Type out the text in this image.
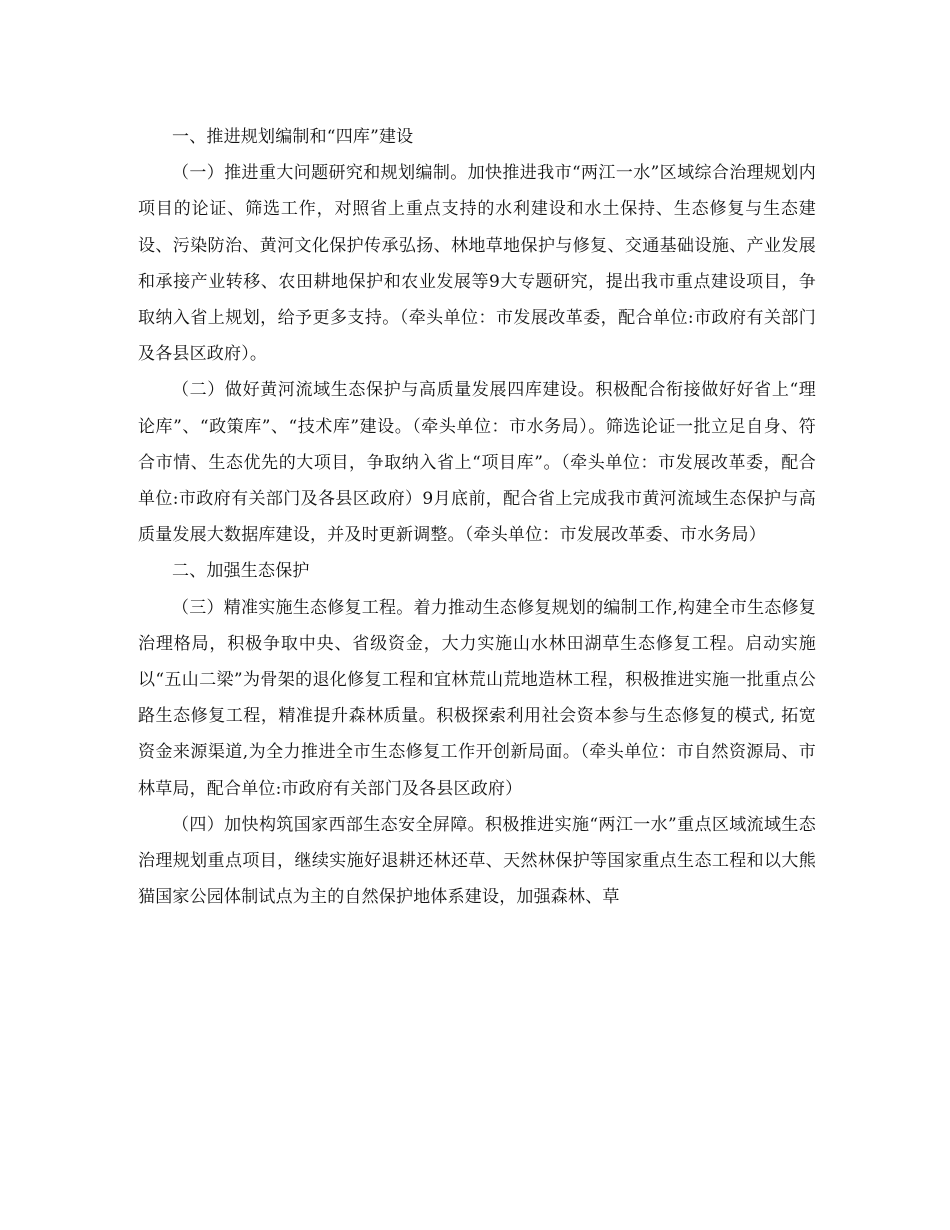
一、推进规划编制和“四库”建设

（一）推进重大问题研究和规划编制。加快推进我市“两江一水”区域综合治理规划内项目的论证、筛选工作，对照省上重点支持的水利建设和水土保持、生态修复与生态建设、污染防治、黄河文化保护传承弘扬、林地草地保护与修复、交通基础设施、产业发展和承接产业转移、农田耕地保护和农业发展等9大专题研究，提出我市重点建设项目，争取纳入省上规划，给予更多支持。（牵头单位：市发展改革委，配合单位:市政府有关部门及各县区政府）。

（二）做好黄河流域生态保护与高质量发展四库建设。积极配合衔接做好好省上“理论库”、“政策库”、“技术库”建设。（牵头单位：市水务局）。筛选论证一批立足自身、符合市情、生态优先的大项目，争取纳入省上“项目库”。（牵头单位：市发展改革委，配合单位:市政府有关部门及各县区政府）9月底前，配合省上完成我市黄河流域生态保护与高质量发展大数据库建设，并及时更新调整。（牵头单位：市发展改革委、市水务局）

二、加强生态保护

（三）精准实施生态修复工程。着力推动生态修复规划的编制工作,构建全市生态修复治理格局，积极争取中央、省级资金，大力实施山水林田湖草生态修复工程。启动实施以“五山二梁”为骨架的退化修复工程和宜林荒山荒地造林工程，积极推进实施一批重点公路生态修复工程，精准提升森林质量。积极探索利用社会资本参与生态修复的模式, 拓宽资金来源渠道,为全力推进全市生态修复工作开创新局面。（牵头单位：市自然资源局、市林草局，配合单位:市政府有关部门及各县区政府）

（四）加快构筑国家西部生态安全屏障。积极推进实施“两江一水”重点区域流域生态治理规划重点项目，继续实施好退耕还林还草、天然林保护等国家重点生态工程和以大熊猫国家公园体制试点为主的自然保护地体系建设，加强森林、草
